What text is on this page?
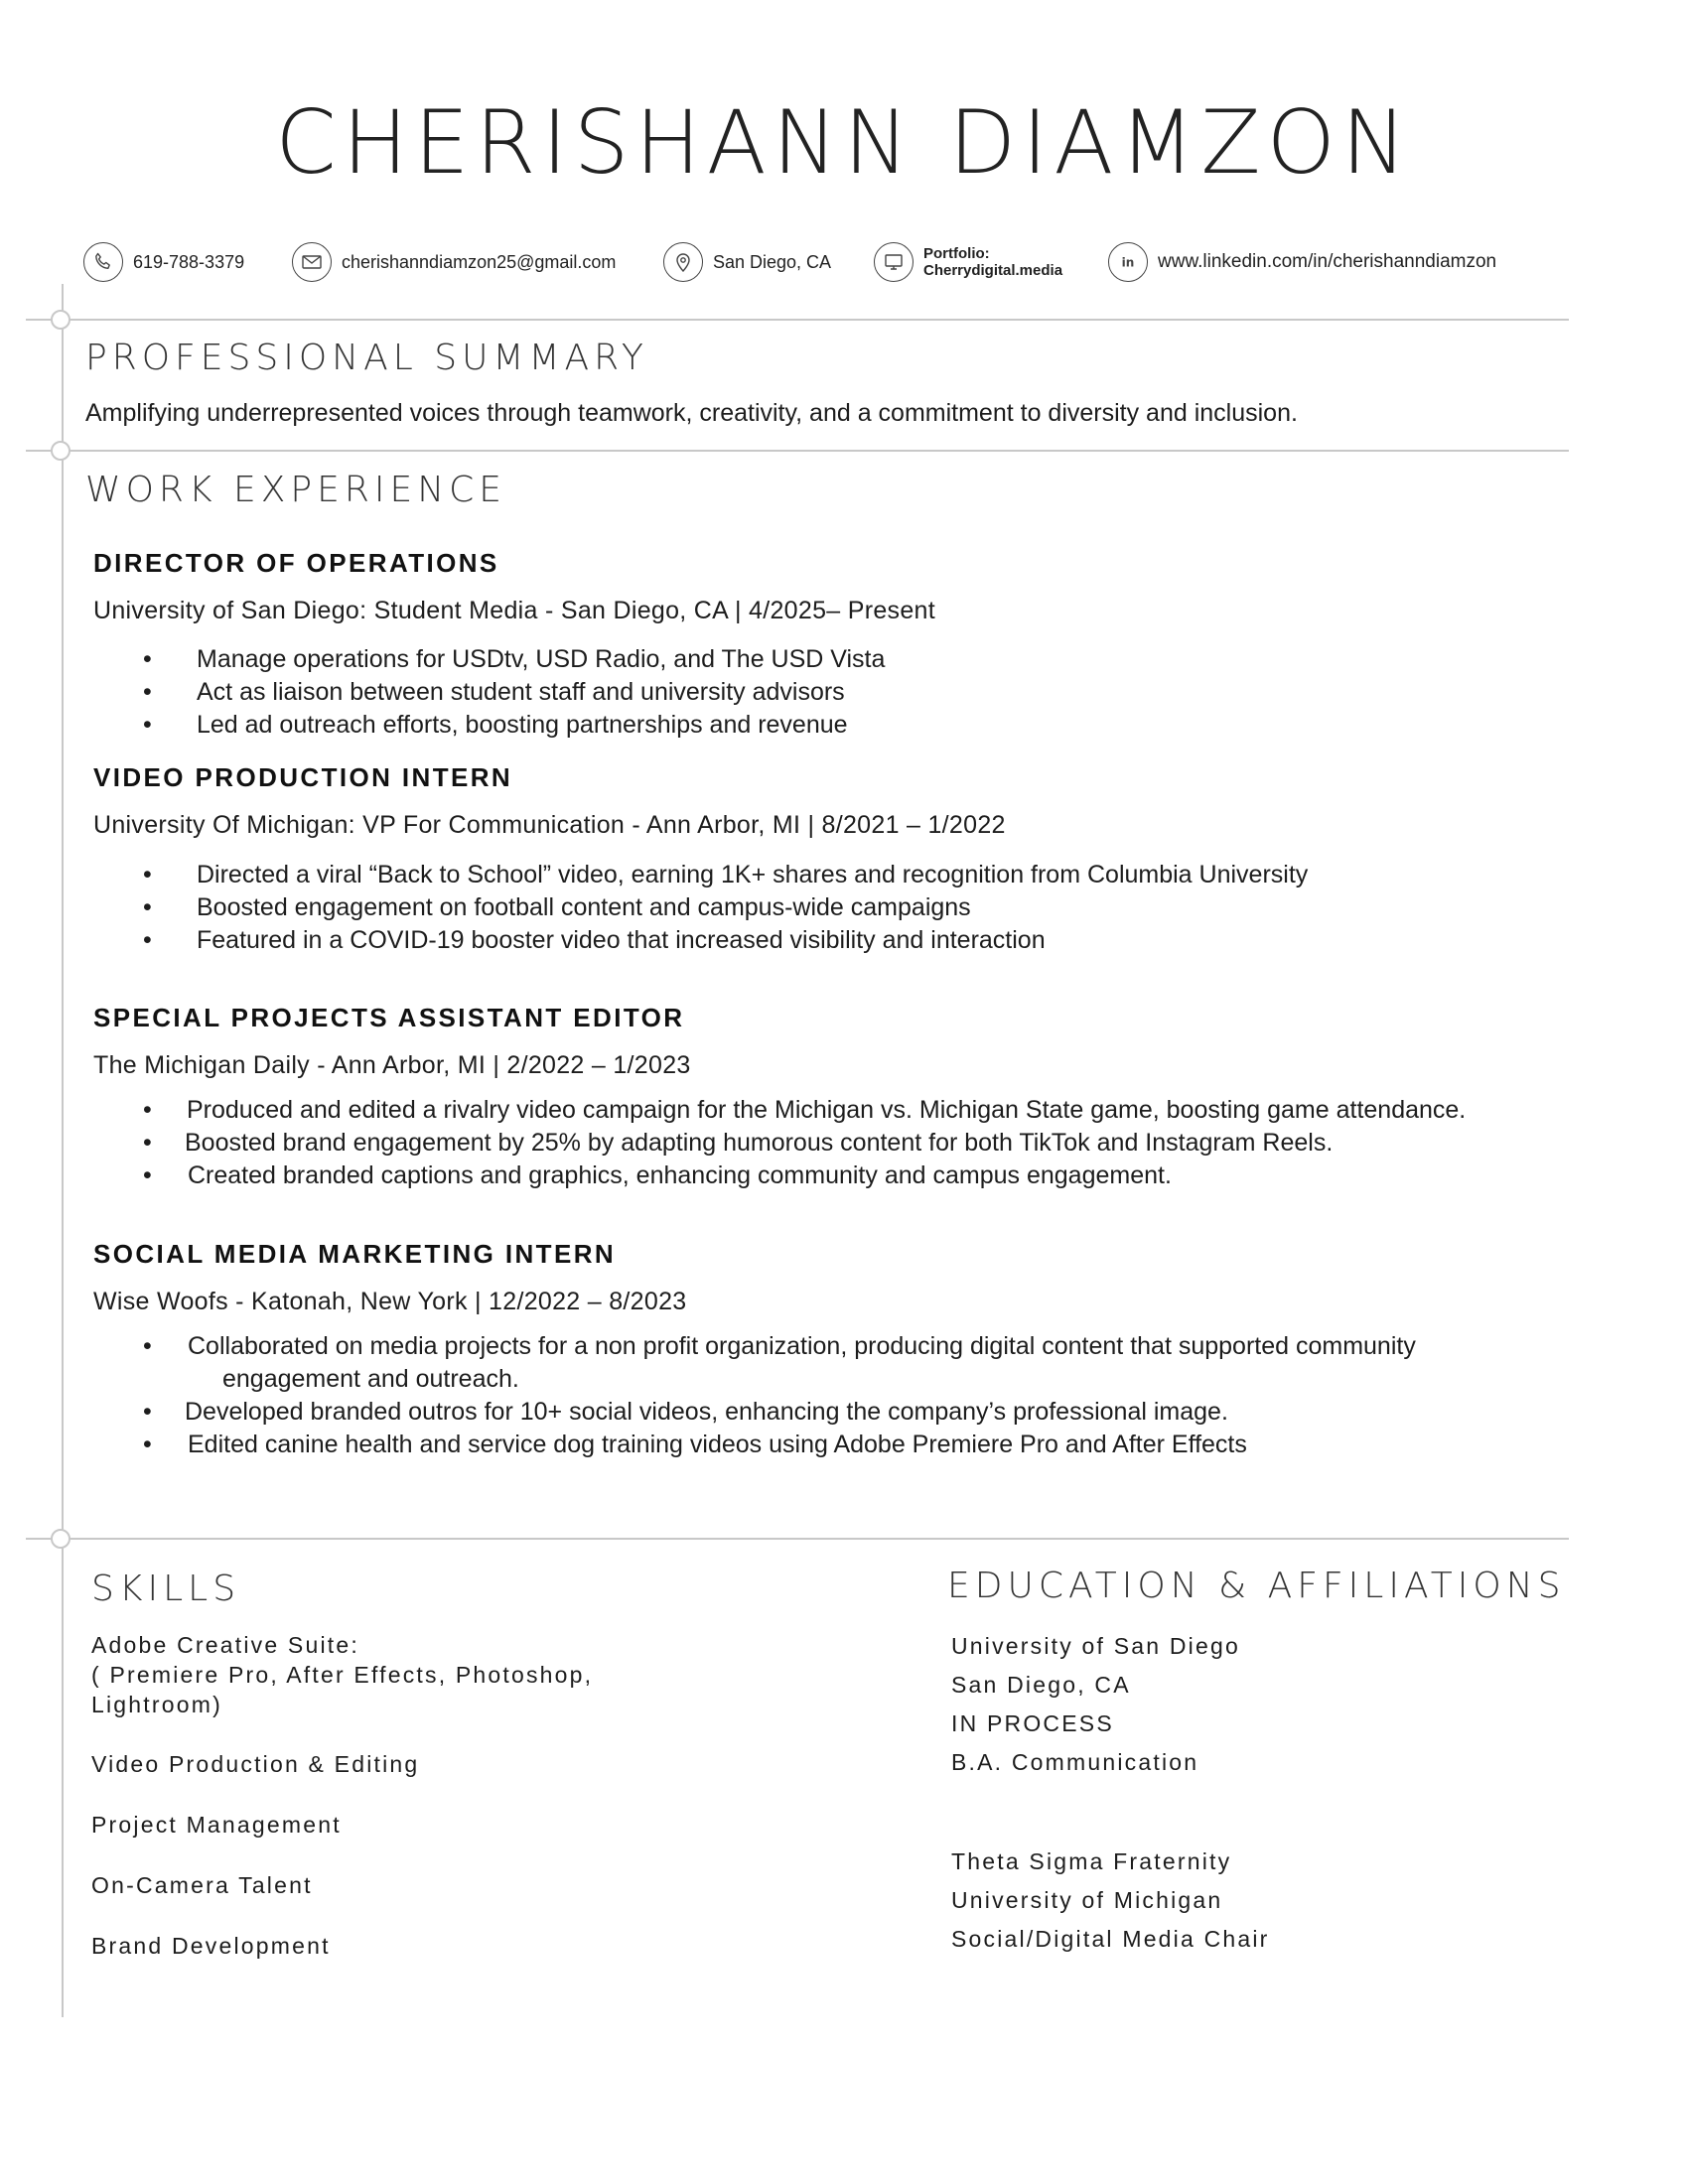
CHERISHANN DIAMZON
619-788-3379	cherishanndiamzon25@gmail.com	San Diego, CA	Portfolio:
Cherrydigital.media	in www.linkedin.com/in/cherishanndiamzon
PROFESSIONAL SUMMARY
Amplifying underrepresented voices through teamwork, creativity, and a commitment to diversity and inclusion.
WORK EXPERIENCE
DIRECTOR OF OPERATIONS
University of San Diego: Student Media - San Diego, CA | 4/2025– Present
• Manage operations for USDtv, USD Radio, and The USD Vista
• Act as liaison between student staff and university advisors
• Led ad outreach efforts, boosting partnerships and revenue
VIDEO PRODUCTION INTERN
University Of Michigan: VP For Communication - Ann Arbor, MI | 8/2021 – 1/2022
• Directed a viral “Back to School” video, earning 1K+ shares and recognition from Columbia University
• Boosted engagement on football content and campus-wide campaigns
• Featured in a COVID-19 booster video that increased visibility and interaction
SPECIAL PROJECTS ASSISTANT EDITOR
The Michigan Daily - Ann Arbor, MI | 2/2022 – 1/2023
• Produced and edited a rivalry video campaign for the Michigan vs. Michigan State game, boosting game attendance.
• Boosted brand engagement by 25% by adapting humorous content for both TikTok and Instagram Reels.
• Created branded captions and graphics, enhancing community and campus engagement.
SOCIAL MEDIA MARKETING INTERN
Wise Woofs - Katonah, New York | 12/2022 – 8/2023
• Collaborated on media projects for a non profit organization, producing digital content that supported community
engagement and outreach.
• Developed branded outros for 10+ social videos, enhancing the company’s professional image.
• Edited canine health and service dog training videos using Adobe Premiere Pro and After Effects
SKILLS
Adobe Creative Suite:
( Premiere Pro, After Effects, Photoshop,
Lightroom)
Video Production & Editing
Project Management
On-Camera Talent
Brand Development
EDUCATION & AFFILIATIONS
University of San Diego
San Diego, CA
IN PROCESS
B.A. Communication
Theta Sigma Fraternity
University of Michigan
Social/Digital Media Chair
